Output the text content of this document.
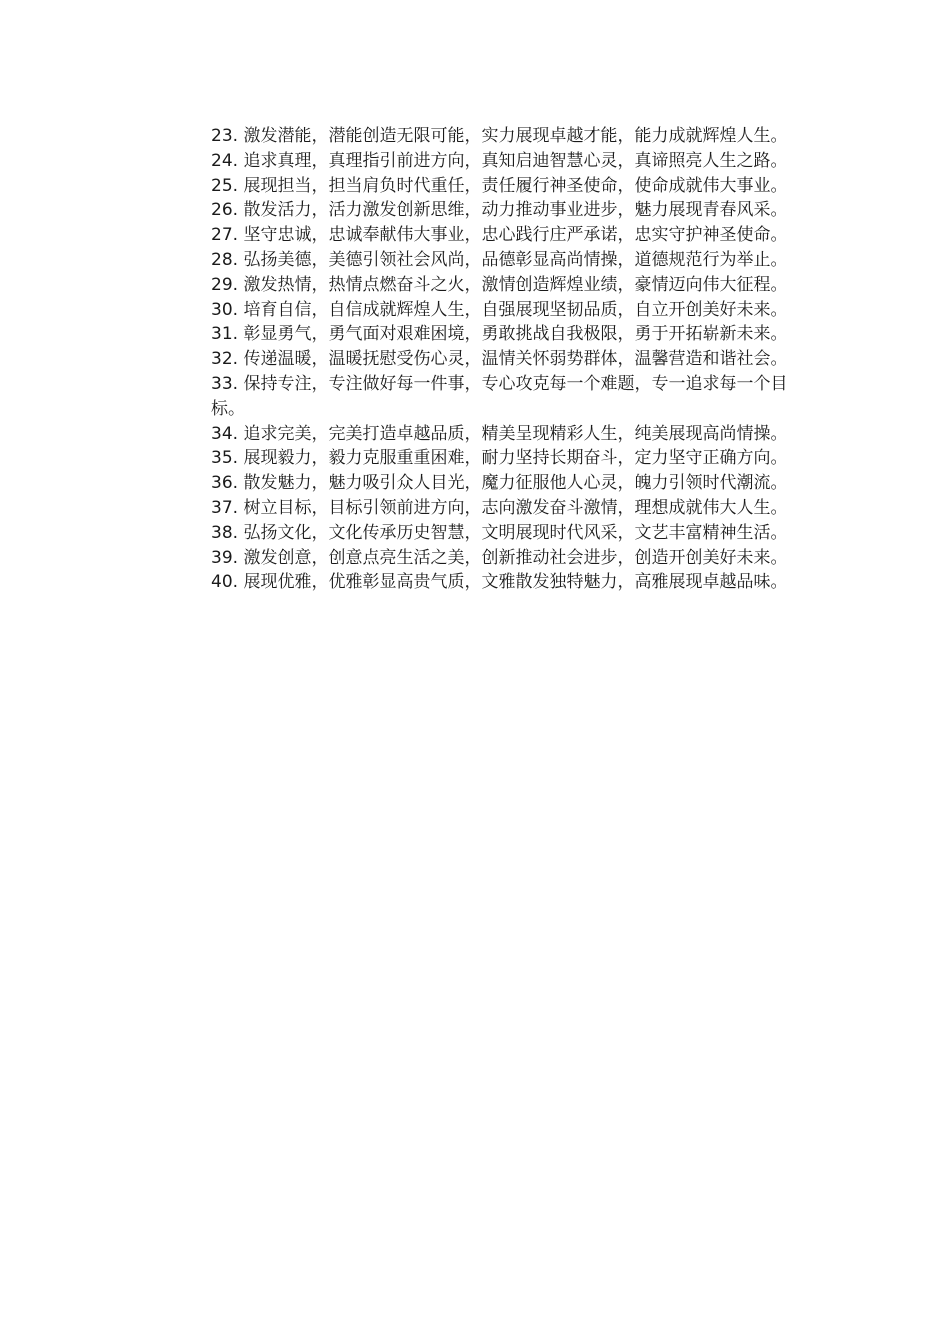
23. 激发潜能，潜能创造无限可能，实力展现卓越才能，能力成就辉煌人生。

24. 追求真理，真理指引前进方向，真知启迪智慧心灵，真谛照亮人生之路。

25. 展现担当，担当肩负时代重任，责任履行神圣使命，使命成就伟大事业。

26. 散发活力，活力激发创新思维，动力推动事业进步，魅力展现青春风采。

27. 坚守忠诚，忠诚奉献伟大事业，忠心践行庄严承诺，忠实守护神圣使命。

28. 弘扬美德，美德引领社会风尚，品德彰显高尚情操，道德规范行为举止。

29. 激发热情，热情点燃奋斗之火，激情创造辉煌业绩，豪情迈向伟大征程。

30. 培育自信，自信成就辉煌人生，自强展现坚韧品质，自立开创美好未来。

31. 彰显勇气，勇气面对艰难困境，勇敢挑战自我极限，勇于开拓崭新未来。

32. 传递温暖，温暖抚慰受伤心灵，温情关怀弱势群体，温馨营造和谐社会。

33. 保持专注，专注做好每一件事，专心攻克每一个难题，专一追求每一个目标。

34. 追求完美，完美打造卓越品质，精美呈现精彩人生，纯美展现高尚情操。

35. 展现毅力，毅力克服重重困难，耐力坚持长期奋斗，定力坚守正确方向。

36. 散发魅力，魅力吸引众人目光，魔力征服他人心灵，魄力引领时代潮流。

37. 树立目标，目标引领前进方向，志向激发奋斗激情，理想成就伟大人生。

38. 弘扬文化，文化传承历史智慧，文明展现时代风采，文艺丰富精神生活。

39. 激发创意，创意点亮生活之美，创新推动社会进步，创造开创美好未来。

40. 展现优雅，优雅彰显高贵气质，文雅散发独特魅力，高雅展现卓越品味。
